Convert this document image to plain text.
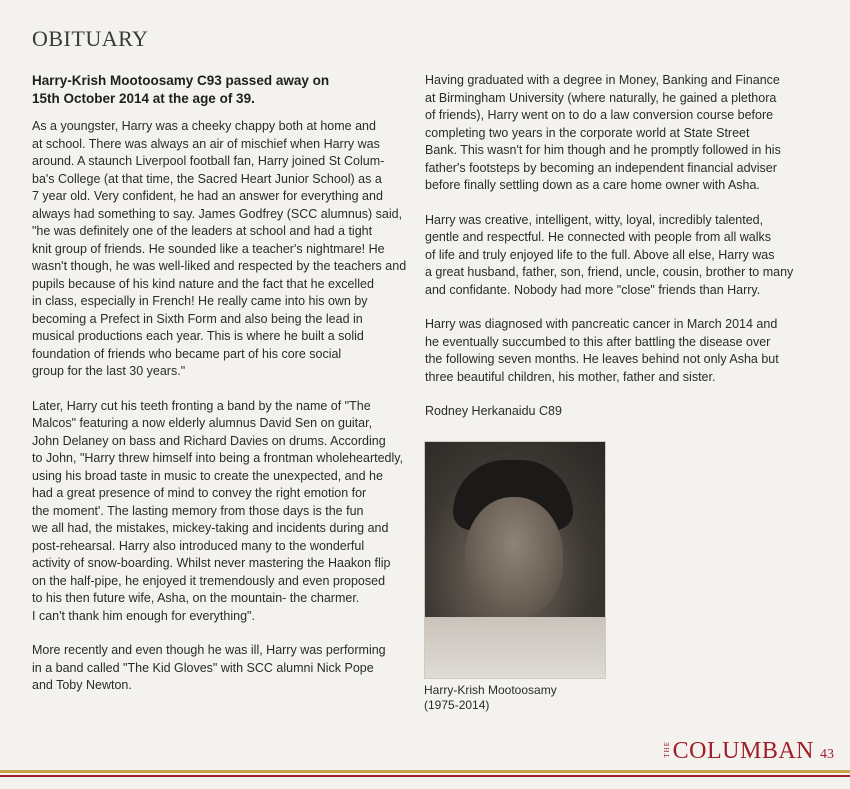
OBITUARY

Harry-Krish Mootoosamy C93 passed away on
15th October 2014 at the age of 39.

As a youngster, Harry was a cheeky chappy both at home and
at school. There was always an air of mischief when Harry was
around. A staunch Liverpool football fan, Harry joined St Colum-
ba's College (at that time, the Sacred Heart Junior School) as a
7 year old. Very confident, he had an answer for everything and
always had something to say. James Godfrey (SCC alumnus) said,
"he was definitely one of the leaders at school and had a tight
knit group of friends. He sounded like a teacher's nightmare! He
wasn't though, he was well-liked and respected by the teachers and
pupils because of his kind nature and the fact that he excelled
in class, especially in French! He really came into his own by
becoming a Prefect in Sixth Form and also being the lead in
musical productions each year. This is where he built a solid
foundation of friends who became part of his core social
group for the last 30 years."

Later, Harry cut his teeth fronting a band by the name of "The
Malcos" featuring a now elderly alumnus David Sen on guitar,
John Delaney on bass and Richard Davies on drums. According
to John, "Harry threw himself into being a frontman wholeheartedly,
using his broad taste in music to create the unexpected, and he
had a great presence of mind to convey the right emotion for
the moment'. The lasting memory from those days is the fun
we all had, the mistakes, mickey-taking and incidents during and
post-rehearsal. Harry also introduced many to the wonderful
activity of snow-boarding. Whilst never mastering the Haakon flip
on the half-pipe, he enjoyed it tremendously and even proposed
to his then future wife, Asha, on the mountain- the charmer.
I can't thank him enough for everything".

More recently and even though he was ill, Harry was performing
in a band called "The Kid Gloves" with SCC alumni Nick Pope
and Toby Newton.

Having graduated with a degree in Money, Banking and Finance
at Birmingham University (where naturally, he gained a plethora
of friends), Harry went on to do a law conversion course before
completing two years in the corporate world at State Street
Bank. This wasn't for him though and he promptly followed in his
father's footsteps by becoming an independent financial adviser
before finally settling down as a care home owner with Asha.

Harry was creative, intelligent, witty, loyal, incredibly talented,
gentle and respectful. He connected with people from all walks
of life and truly enjoyed life to the full. Above all else, Harry was
a great husband, father, son, friend, uncle, cousin, brother to many
and confidante. Nobody had more "close" friends than Harry.

Harry was diagnosed with pancreatic cancer in March 2014 and
he eventually succumbed to this after battling the disease over
the following seven months. He leaves behind not only Asha but
three beautiful children, his mother, father and sister.

Rodney Herkanaidu C89

Harry-Krish Mootoosamy
(1975-2014)
THE COLUMBAN 43
